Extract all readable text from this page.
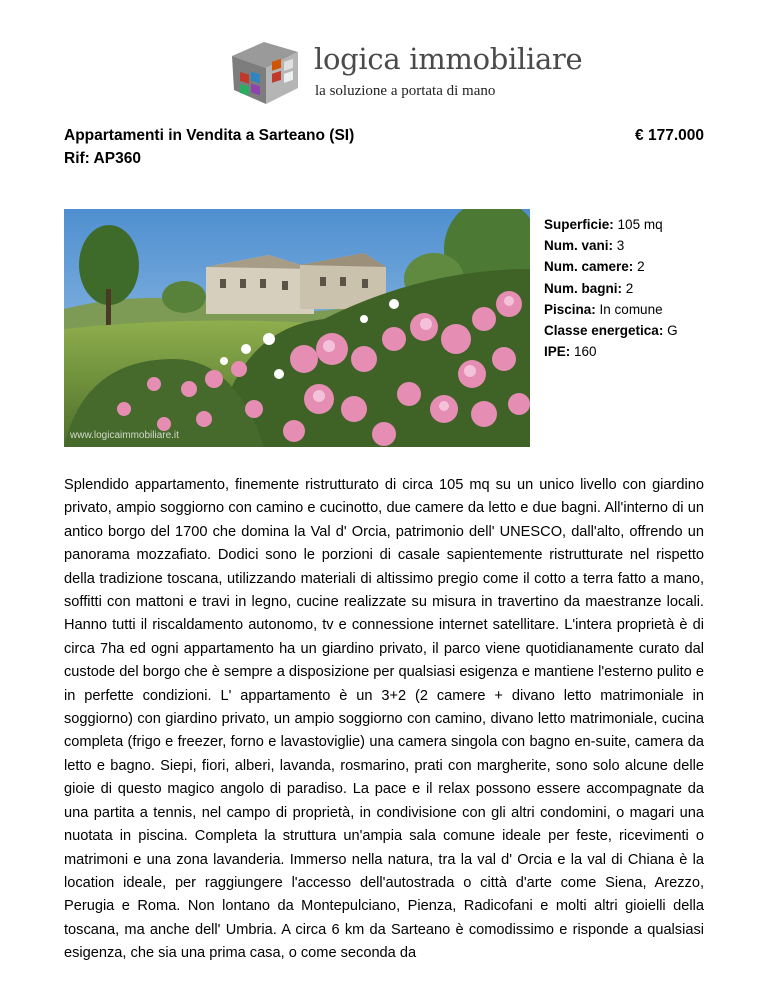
logica immobiliare
la soluzione a portata di mano
Appartamenti in Vendita a Sarteano (SI)
Rif: AP360
€ 177.000
www.logicaimmobiliare.it
Superficie: 105 mq
Num. vani: 3
Num. camere: 2
Num. bagni: 2
Piscina: In comune
Classe energetica: G
IPE: 160

Splendido appartamento, finemente ristrutturato di circa 105 mq su un unico livello con giardino privato, ampio soggiorno con camino e cucinotto, due camere da letto e due bagni. All'interno di un antico borgo del 1700 che domina la Val d' Orcia, patrimonio dell' UNESCO, dall'alto, offrendo un panorama mozzafiato. Dodici sono le porzioni di casale sapientemente ristrutturate nel rispetto della tradizione toscana, utilizzando materiali di altissimo pregio come il cotto a terra fatto a mano, soffitti con mattoni e travi in legno, cucine realizzate su misura in travertino da maestranze locali. Hanno tutti il riscaldamento autonomo, tv e connessione internet satellitare. L'intera proprietà è di circa 7ha ed ogni appartamento ha un giardino privato, il parco viene quotidianamente curato dal custode del borgo che è sempre a disposizione per qualsiasi esigenza e mantiene l'esterno pulito e in perfette condizioni. L' appartamento è un 3+2 (2 camere + divano letto matrimoniale in soggiorno) con giardino privato, un ampio soggiorno con camino, divano letto matrimoniale, cucina completa (frigo e freezer, forno e lavastoviglie) una camera singola con bagno en-suite, camera da letto e bagno. Siepi, fiori, alberi, lavanda, rosmarino, prati con margherite, sono solo alcune delle gioie di questo magico angolo di paradiso. La pace e il relax possono essere accompagnate da una partita a tennis, nel campo di proprietà, in condivisione con gli altri condomini, o magari una nuotata in piscina. Completa la struttura un'ampia sala comune ideale per feste, ricevimenti o matrimoni e una zona lavanderia. Immerso nella natura, tra la val d' Orcia e la val di Chiana è la location ideale, per raggiungere l'accesso dell'autostrada o città d'arte come Siena, Arezzo, Perugia e Roma. Non lontano da Montepulciano, Pienza, Radicofani e molti altri gioielli della toscana, ma anche dell' Umbria. A circa 6 km da Sarteano è comodissimo e risponde a qualsiasi esigenza, che sia una prima casa, o come seconda da
